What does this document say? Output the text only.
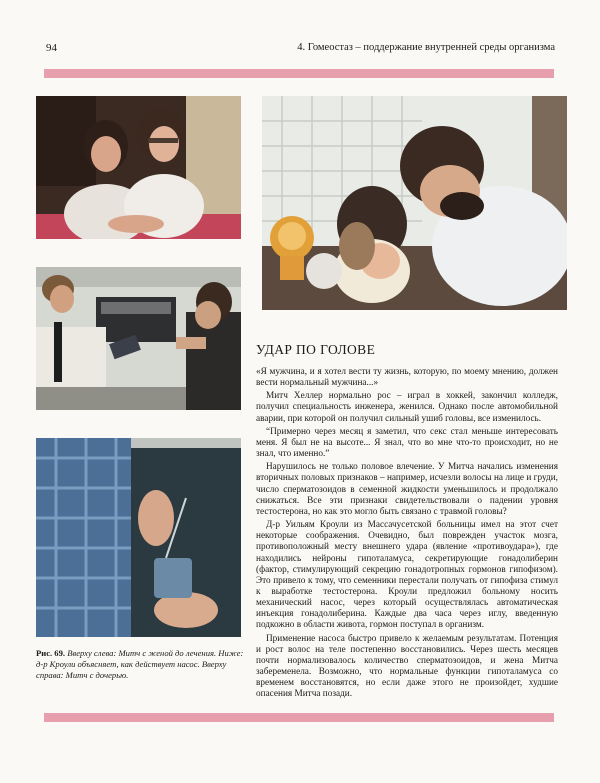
94	4. Гомеостаз – поддержание внутренней среды организма
Рис. 69. Вверху слева: Митч с женой до лечения. Ниже: д-р Кроули объясняет, как действует насос. Вверху справа: Митч с дочерью.
УДАР ПО ГОЛОВЕ

«Я мужчина, и я хотел вести ту жизнь, которую, по моему мнению, должен вести нормальный мужчина...»

Митч Хеллер нормально рос – играл в хоккей, закончил колледж, получил специальность инженера, женился. Однако после автомобильной аварии, при которой он получил сильный ушиб головы, все изменилось.

“Примерно через месяц я заметил, что секс стал меньше интересовать меня. Я был не на высоте... Я знал, что во мне что-то происходит, но не знал, что именно.”

Нарушилось не только половое влечение. У Митча начались изменения вторичных половых признаков – например, исчезли волосы на лице и груди, число сперматозоидов в семенной жидкости уменьшилось и продолжало снижаться. Все эти признаки свидетельствовали о падении уровня тестостерона, но как это могло быть связано с травмой головы?

Д-р Уильям Кроули из Массачусетской больницы имел на этот счет некоторые соображения. Очевидно, был поврежден участок мозга, противоположный месту внешнего удара (явление «противоудара»), где находились нейроны гипоталамуса, секретирующие гонадолиберин (фактор, стимулирующий секрецию гонадотропных гормонов гипофизом). Это привело к тому, что семенники перестали получать от гипофиза стимул к выработке тестостерона. Кроули предложил больному носить механический насос, через который осуществлялась автоматическая инъекция гонадолиберина. Каждые два часа через иглу, введенную подкожно в области живота, гормон поступал в организм.

Применение насоса быстро привело к желаемым результатам. Потенция и рост волос на теле постепенно восстановились. Через шесть месяцев почти нормализовалось количество сперматозоидов, и жена Митча забеременела. Возможно, что нормальные функции гипоталамуса со временем восстановятся, но если даже этого не произойдет, худшие опасения Митча позади.
